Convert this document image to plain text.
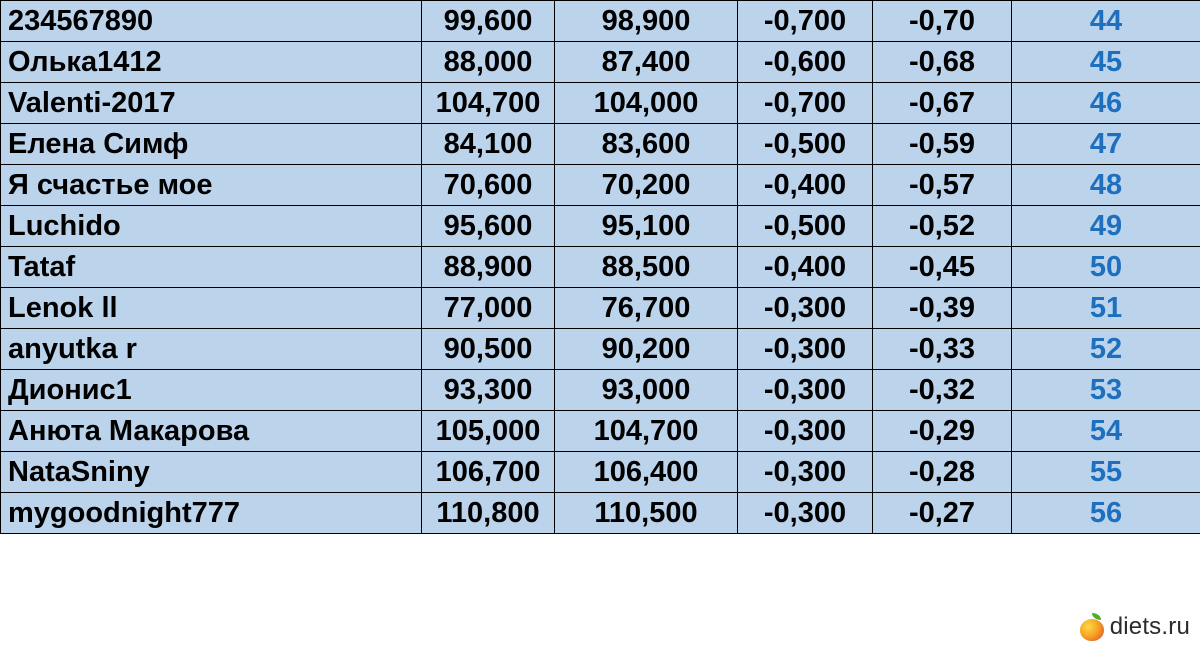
234567890	99,600	98,900	-0,700	-0,70	44
Олька1412	88,000	87,400	-0,600	-0,68	45
Valenti-2017	104,700	104,000	-0,700	-0,67	46
Елена Симф	84,100	83,600	-0,500	-0,59	47
Я счастье мое	70,600	70,200	-0,400	-0,57	48
Luchido	95,600	95,100	-0,500	-0,52	49
Tataf	88,900	88,500	-0,400	-0,45	50
Lenok ll	77,000	76,700	-0,300	-0,39	51
anyutka r	90,500	90,200	-0,300	-0,33	52
Дионис1	93,300	93,000	-0,300	-0,32	53
Анюта Макарова	105,000	104,700	-0,300	-0,29	54
NataSniny	106,700	106,400	-0,300	-0,28	55
mygoodnight777	110,800	110,500	-0,300	-0,27	56
diets.ru
